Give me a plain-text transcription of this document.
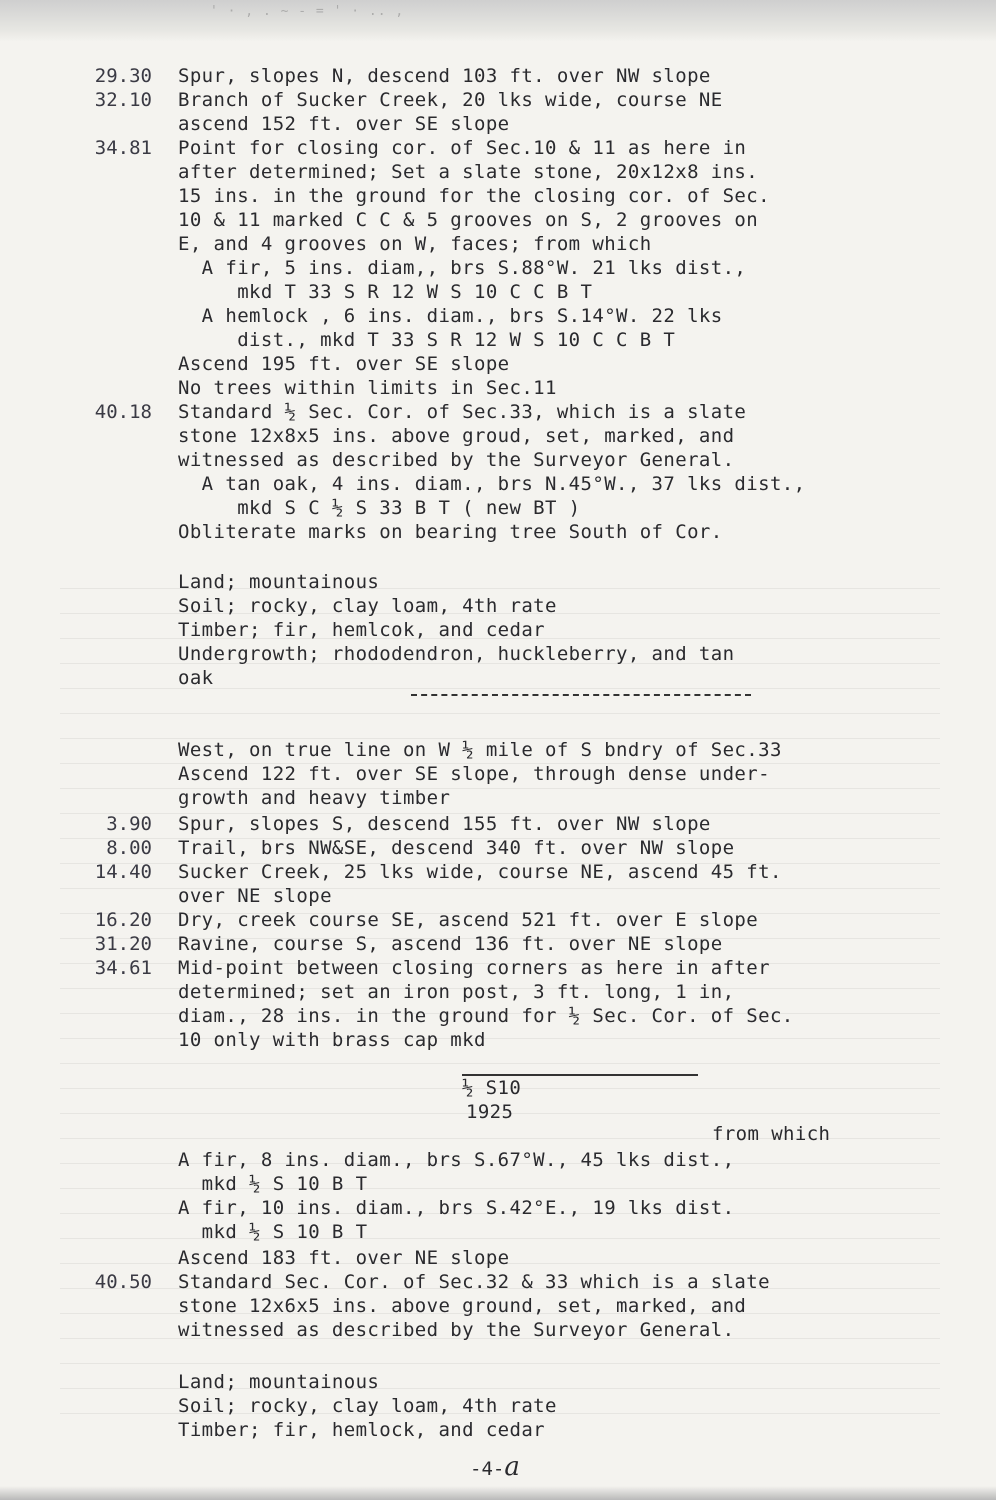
' · , . ~ - = ' · .. ,
29.30 Spur, slopes N, descend 103 ft. over NW slope
32.10 Branch of Sucker Creek, 20 lks wide, course NE
ascend 152 ft. over SE slope
34.81 Point for closing cor. of Sec.10 & 11 as here in
after determined; Set a slate stone, 20x12x8 ins.
15 ins. in the ground for the closing cor. of Sec.
10 & 11 marked C C & 5 grooves on S, 2 grooves on
E, and 4 grooves on W, faces; from which
A fir, 5 ins. diam,, brs S.88°W. 21 lks dist.,
mkd T 33 S R 12 W S 10 C C B T
A hemlock , 6 ins. diam., brs S.14°W. 22 lks
dist., mkd T 33 S R 12 W S 10 C C B T
Ascend 195 ft. over SE slope
No trees within limits in Sec.11
40.18 Standard ½ Sec. Cor. of Sec.33, which is a slate
stone 12x8x5 ins. above groud, set, marked, and
witnessed as described by the Surveyor General.
A tan oak, 4 ins. diam., brs N.45°W., 37 lks dist.,
mkd S C ½ S 33 B T ( new BT )
Obliterate marks on bearing tree South of Cor.
Land; mountainous
Soil; rocky, clay loam, 4th rate
Timber; fir, hemlcok, and cedar
Undergrowth; rhododendron, huckleberry, and tan
oak
West, on true line on W ½ mile of S bndry of Sec.33
Ascend 122 ft. over SE slope, through dense under-
growth and heavy timber
3.90 Spur, slopes S, descend 155 ft. over NW slope
8.00 Trail, brs NW&SE, descend 340 ft. over NW slope
14.40 Sucker Creek, 25 lks wide, course NE, ascend 45 ft.
over NE slope
16.20 Dry, creek course SE, ascend 521 ft. over E slope
31.20 Ravine, course S, ascend 136 ft. over NE slope
34.61 Mid-point between closing corners as here in after
determined; set an iron post, 3 ft. long, 1 in,
diam., 28 ins. in the ground for ½ Sec. Cor. of Sec.
10 only with brass cap mkd
½ S10
1925
from which
A fir, 8 ins. diam., brs S.67°W., 45 lks dist.,
mkd ½ S 10 B T
A fir, 10 ins. diam., brs S.42°E., 19 lks dist.
mkd ½ S 10 B T
Ascend 183 ft. over NE slope
40.50 Standard Sec. Cor. of Sec.32 & 33 which is a slate
stone 12x6x5 ins. above ground, set, marked, and
witnessed as described by the Surveyor General.
Land; mountainous
Soil; rocky, clay loam, 4th rate
Timber; fir, hemlock, and cedar
-4-a
